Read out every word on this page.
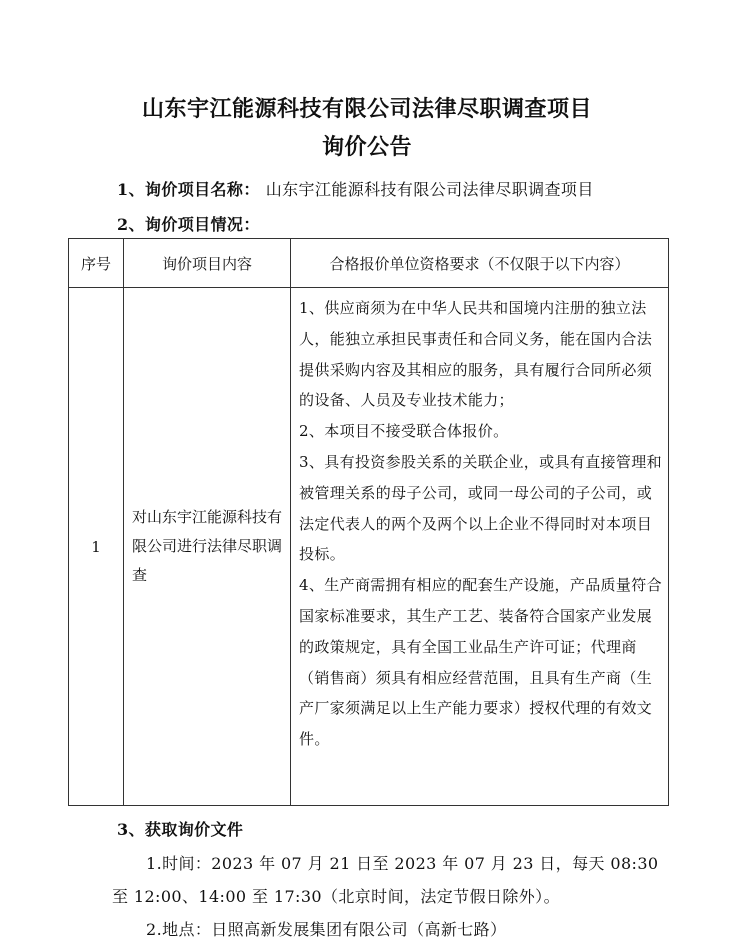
山东宇江能源科技有限公司法律尽职调查项目
询价公告
1、询价项目名称： 山东宇江能源科技有限公司法律尽职调查项目
2、询价项目情况：
序号	询价项目内容	合格报价单位资格要求（不仅限于以下内容）
1	对山东宇江能源科技有限公司进行法律尽职调查	1、供应商须为在中华人民共和国境内注册的独立法人，能独立承担民事责任和合同义务，能在国内合法提供采购内容及其相应的服务，具有履行合同所必须的设备、人员及专业技术能力；

2、本项目不接受联合体报价。

3、具有投资参股关系的关联企业，或具有直接管理和被管理关系的母子公司，或同一母公司的子公司，或法定代表人的两个及两个以上企业不得同时对本项目投标。

4、生产商需拥有相应的配套生产设施，产品质量符合国家标准要求，其生产工艺、装备符合国家产业发展的政策规定，具有全国工业品生产许可证；代理商（销售商）须具有相应经营范围，且具有生产商（生产厂家须满足以上生产能力要求）授权代理的有效文件。

3、获取询价文件
1.时间：2023 年 07 月 21 日至 2023 年 07 月 23 日，每天 08:30
至 12:00、14:00 至 17:30（北京时间，法定节假日除外）。
2.地点：日照高新发展集团有限公司（高新七路）
